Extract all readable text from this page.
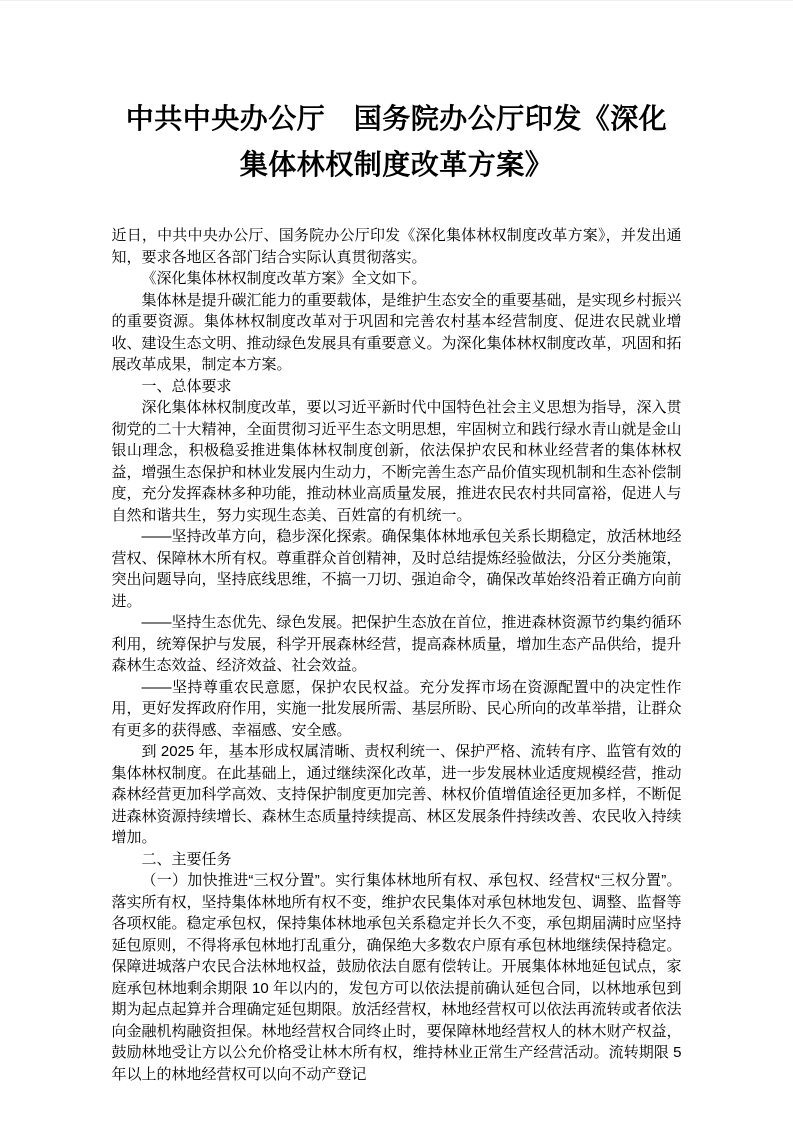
中共中央办公厅　国务院办公厅印发《深化
集体林权制度改革方案》

近日，中共中央办公厅、国务院办公厅印发《深化集体林权制度改革方案》，并发出通知，要求各地区各部门结合实际认真贯彻落实。

《深化集体林权制度改革方案》全文如下。

集体林是提升碳汇能力的重要载体，是维护生态安全的重要基础，是实现乡村振兴的重要资源。集体林权制度改革对于巩固和完善农村基本经营制度、促进农民就业增收、建设生态文明、推动绿色发展具有重要意义。为深化集体林权制度改革，巩固和拓展改革成果，制定本方案。

一、总体要求

深化集体林权制度改革，要以习近平新时代中国特色社会主义思想为指导，深入贯彻党的二十大精神，全面贯彻习近平生态文明思想，牢固树立和践行绿水青山就是金山银山理念，积极稳妥推进集体林权制度创新，依法保护农民和林业经营者的集体林权益，增强生态保护和林业发展内生动力，不断完善生态产品价值实现机制和生态补偿制度，充分发挥森林多种功能，推动林业高质量发展，推进农民农村共同富裕，促进人与自然和谐共生，努力实现生态美、百姓富的有机统一。

——坚持改革方向，稳步深化探索。确保集体林地承包关系长期稳定，放活林地经营权、保障林木所有权。尊重群众首创精神，及时总结提炼经验做法，分区分类施策，突出问题导向，坚持底线思维，不搞一刀切、强迫命令，确保改革始终沿着正确方向前进。

——坚持生态优先、绿色发展。把保护生态放在首位，推进森林资源节约集约循环利用，统筹保护与发展，科学开展森林经营，提高森林质量，增加生态产品供给，提升森林生态效益、经济效益、社会效益。

——坚持尊重农民意愿，保护农民权益。充分发挥市场在资源配置中的决定性作用，更好发挥政府作用，实施一批发展所需、基层所盼、民心所向的改革举措，让群众有更多的获得感、幸福感、安全感。

到 2025 年，基本形成权属清晰、责权利统一、保护严格、流转有序、监管有效的集体林权制度。在此基础上，通过继续深化改革，进一步发展林业适度规模经营，推动森林经营更加科学高效、支持保护制度更加完善、林权价值增值途径更加多样，不断促进森林资源持续增长、森林生态质量持续提高、林区发展条件持续改善、农民收入持续增加。

二、主要任务

（一）加快推进“三权分置”。实行集体林地所有权、承包权、经营权“三权分置”。落实所有权，坚持集体林地所有权不变，维护农民集体对承包林地发包、调整、监督等各项权能。稳定承包权，保持集体林地承包关系稳定并长久不变，承包期届满时应坚持延包原则，不得将承包林地打乱重分，确保绝大多数农户原有承包林地继续保持稳定。保障进城落户农民合法林地权益，鼓励依法自愿有偿转让。开展集体林地延包试点，家庭承包林地剩余期限 10 年以内的，发包方可以依法提前确认延包合同，以林地承包到期为起点起算并合理确定延包期限。放活经营权，林地经营权可以依法再流转或者依法向金融机构融资担保。林地经营权合同终止时，要保障林地经营权人的林木财产权益，鼓励林地受让方以公允价格受让林木所有权，维持林业正常生产经营活动。流转期限 5 年以上的林地经营权可以向不动产登记
